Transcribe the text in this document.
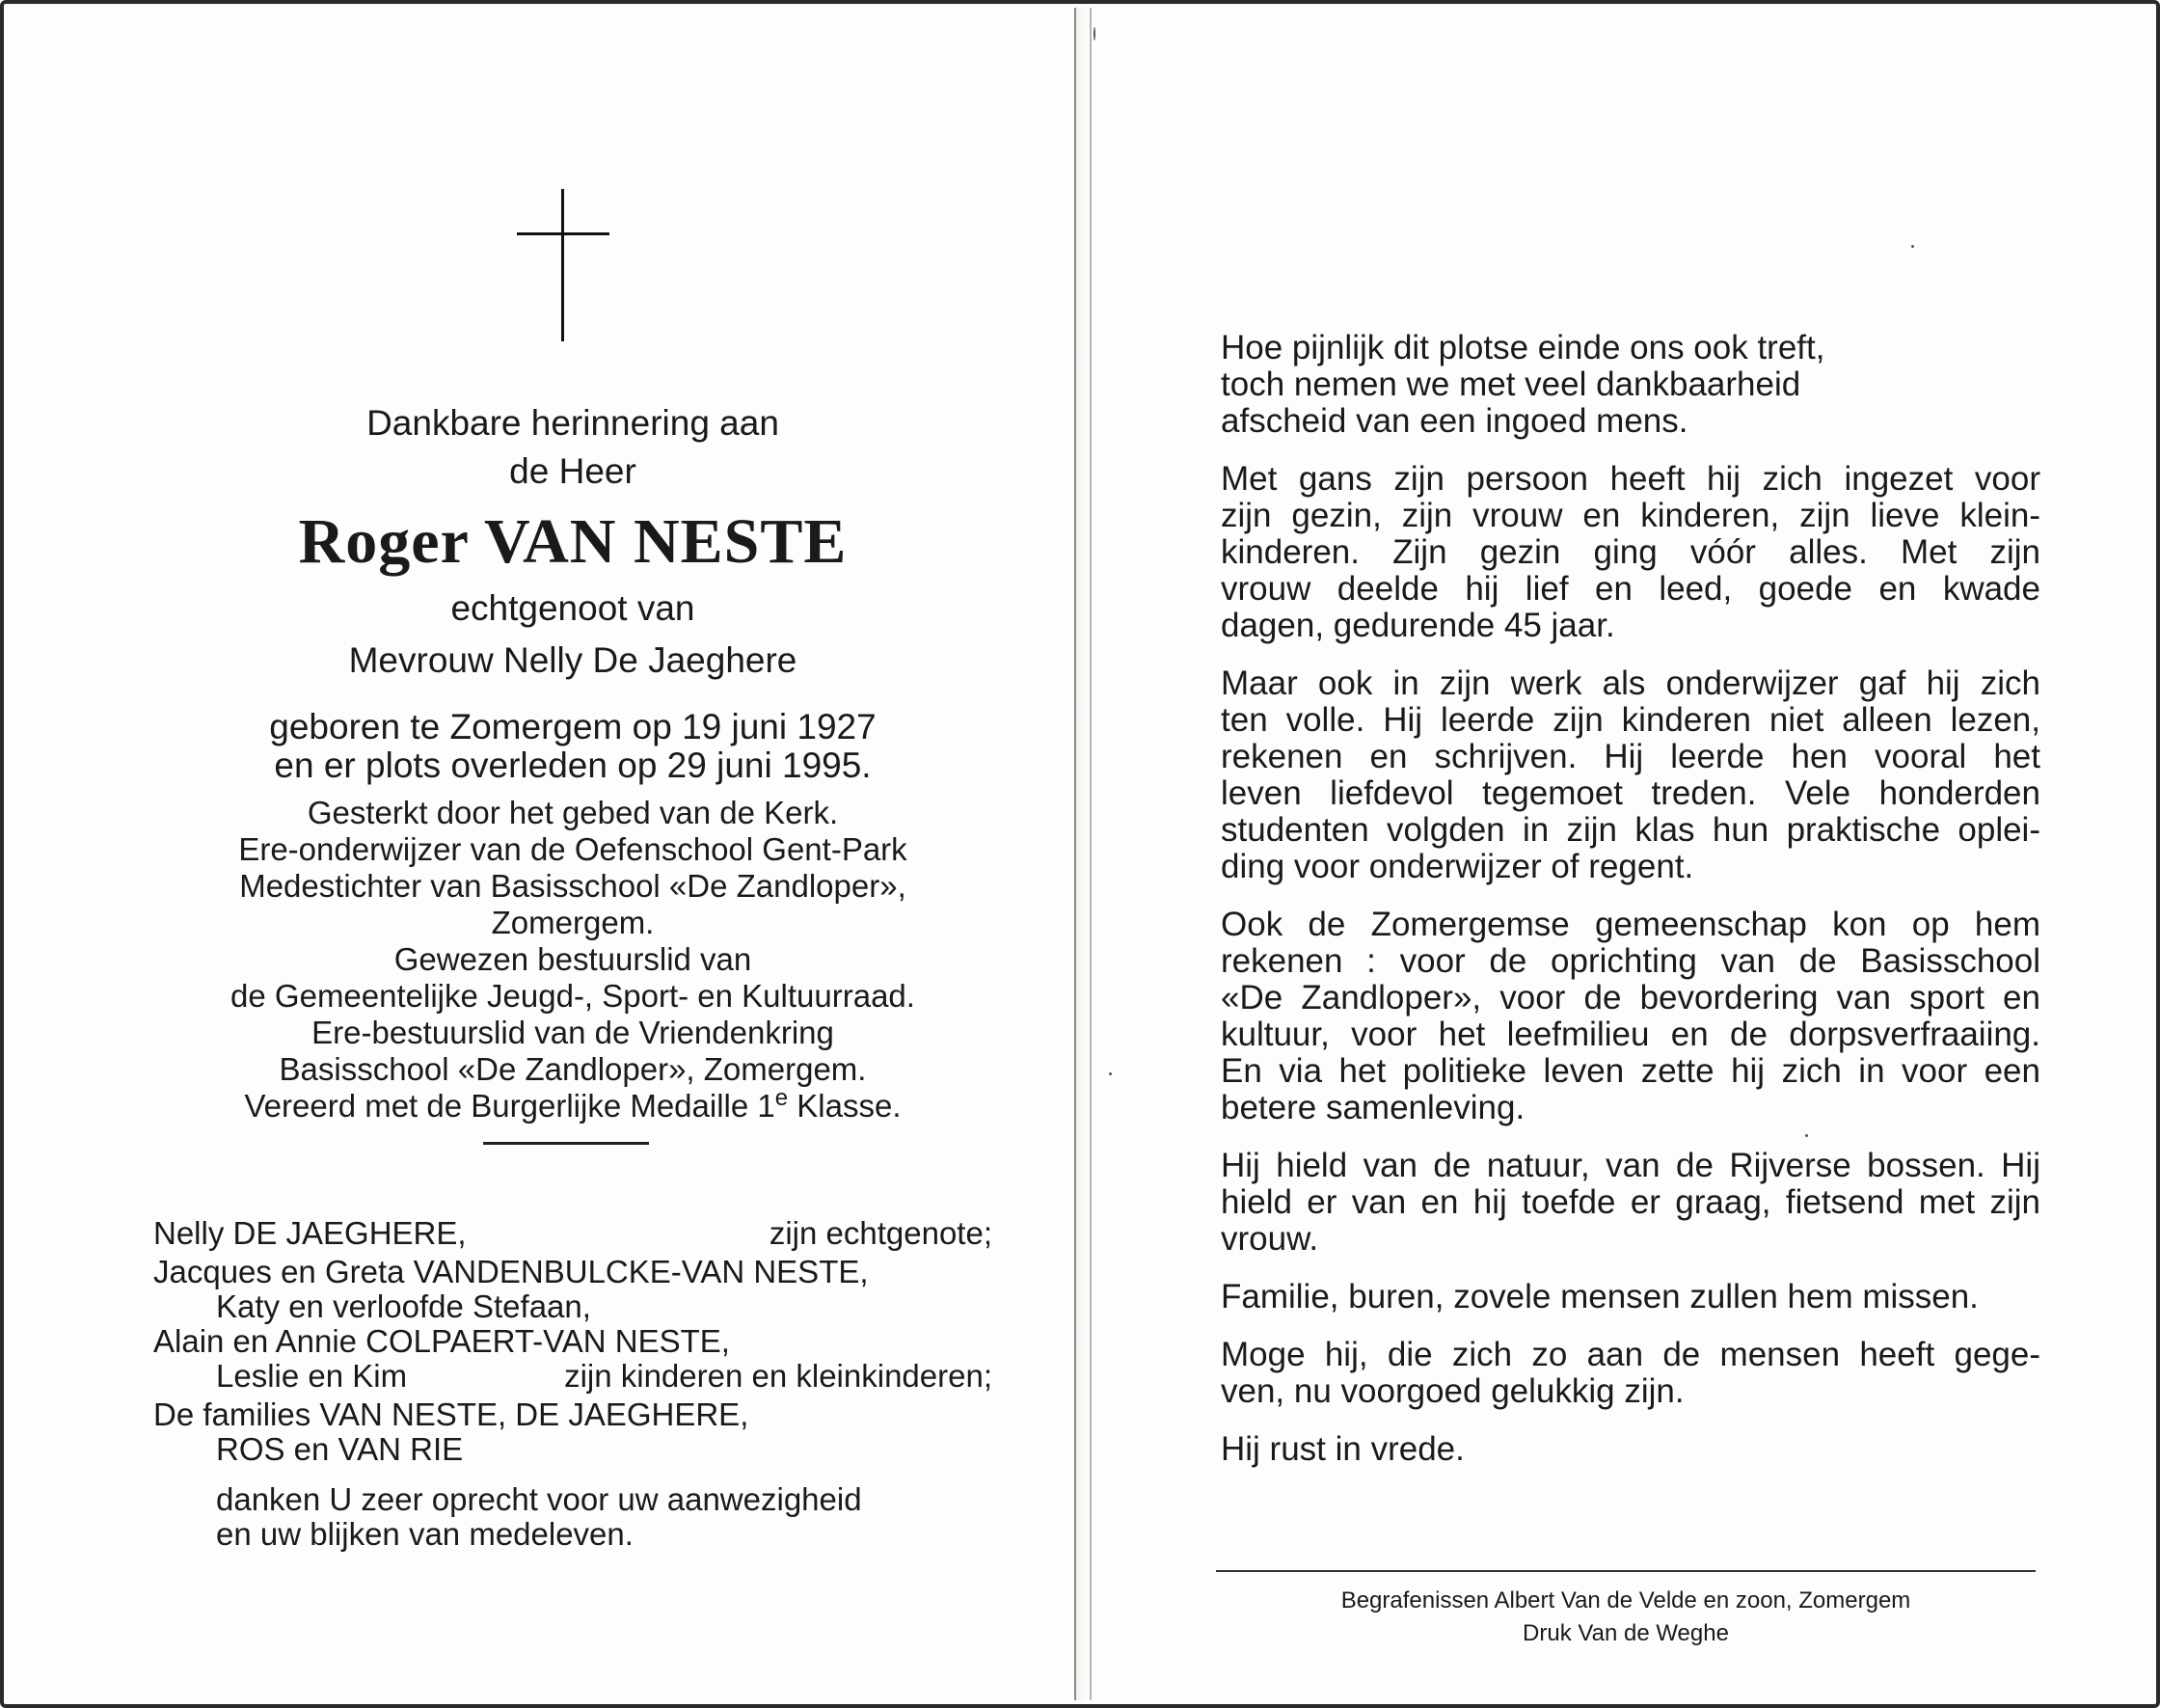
Dankbare herinnering aan

de Heer

Roger VAN NESTE

echtgenoot van

Mevrouw Nelly De Jaeghere

geboren te Zomergem op 19 juni 1927

en er plots overleden op 29 juni 1995.

Gesterkt door het gebed van de Kerk.

Ere-onderwijzer van de Oefenschool Gent-Park

Medestichter van Basisschool «De Zandloper»,

Zomergem.

Gewezen bestuurslid van

de Gemeentelijke Jeugd-, Sport- en Kultuurraad.

Ere-bestuurslid van de Vriendenkring

Basisschool «De Zandloper», Zomergem.

Vereerd met de Burgerlijke Medaille 1e Klasse.

Nelly DE JAEGHERE,	zijn echtgenote;
Jacques en Greta VANDENBULCKE-VAN NESTE,
Katy en verloofde Stefaan,
Alain en Annie COLPAERT-VAN NESTE,
Leslie en Kim	zijn kinderen en kleinkinderen;
De families VAN NESTE, DE JAEGHERE,
ROS en VAN RIE
danken U zeer oprecht voor uw aanwezigheid
en uw blijken van medeleven.
Hoe pijnlijk dit plotse einde ons ook treft,
toch nemen we met veel dankbaarheid
afscheid van een ingoed mens.
Met gans zijn persoon heeft hij zich ingezet voor
zijn gezin, zijn vrouw en kinderen, zijn lieve klein-
kinderen. Zijn gezin ging vóór alles. Met zijn
vrouw deelde hij lief en leed, goede en kwade
dagen, gedurende 45 jaar.
Maar ook in zijn werk als onderwijzer gaf hij zich
ten volle. Hij leerde zijn kinderen niet alleen lezen,
rekenen en schrijven. Hij leerde hen vooral het
leven liefdevol tegemoet treden. Vele honderden
studenten volgden in zijn klas hun praktische oplei-
ding voor onderwijzer of regent.
Ook de Zomergemse gemeenschap kon op hem
rekenen : voor de oprichting van de Basisschool
«De Zandloper», voor de bevordering van sport en
kultuur, voor het leefmilieu en de dorpsverfraaiing.
En via het politieke leven zette hij zich in voor een
betere samenleving.
Hij hield van de natuur, van de Rijverse bossen. Hij
hield er van en hij toefde er graag, fietsend met zijn
vrouw.
Familie, buren, zovele mensen zullen hem missen.
Moge hij, die zich zo aan de mensen heeft gege-
ven, nu voorgoed gelukkig zijn.
Hij rust in vrede.
Begrafenissen Albert Van de Velde en zoon, Zomergem
Druk Van de Weghe
